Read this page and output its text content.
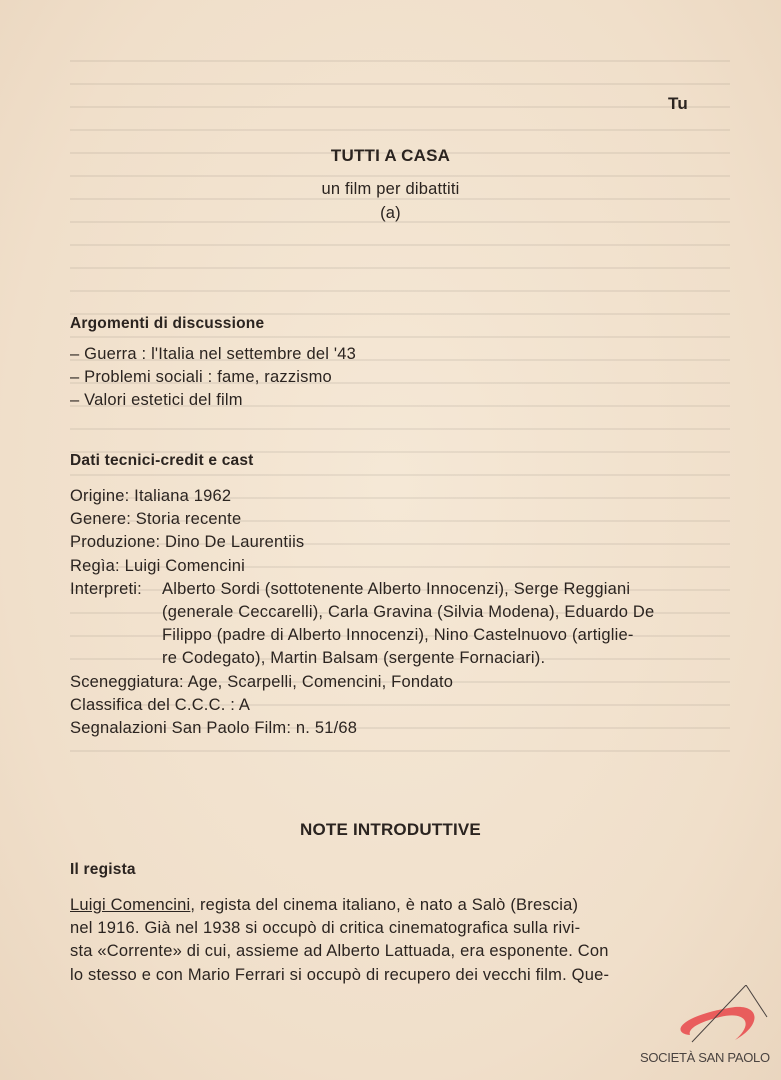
Tu
TUTTI A CASA
un film per dibattiti
(a)
Argomenti di discussione
– Guerra : l'Italia nel settembre del '43
– Problemi sociali : fame, razzismo
– Valori estetici del film
Dati tecnici-credit e cast
Origine: Italiana 1962
Genere: Storia recente
Produzione: Dino De Laurentiis
Regìa: Luigi Comencini
Interpreti:	Alberto Sordi (sottotenente Alberto Innocenzi), Serge Reggiani
(generale Ceccarelli), Carla Gravina (Silvia Modena), Eduardo De
Filippo (padre di Alberto Innocenzi), Nino Castelnuovo (artiglie-
re Codegato), Martin Balsam (sergente Fornaciari).
Sceneggiatura: Age, Scarpelli, Comencini, Fondato
Classifica del C.C.C. : A
Segnalazioni San Paolo Film: n. 51/68
NOTE INTRODUTTIVE
Il regista
Luigi Comencini, regista del cinema italiano, è nato a Salò (Brescia)
nel 1916. Già nel 1938 si occupò di critica cinematografica sulla rivi-
sta «Corrente» di cui, assieme ad Alberto Lattuada, era esponente. Con
lo stesso e con Mario Ferrari si occupò di recupero dei vecchi film. Que-
SOCIETÀ SAN PAOLO
